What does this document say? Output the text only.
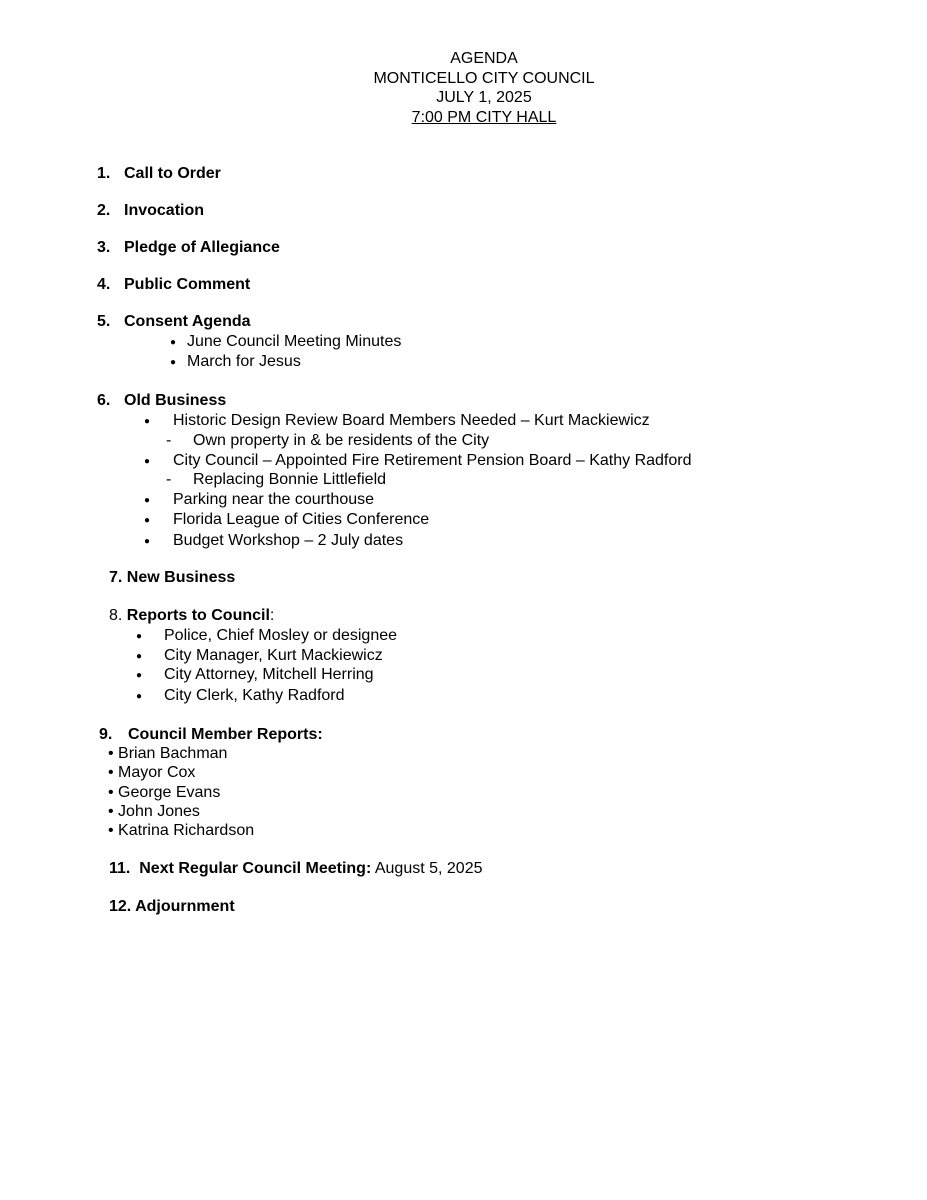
AGENDA
MONTICELLO CITY COUNCIL
JULY 1, 2025
7:00 PM CITY HALL
1. Call to Order
2. Invocation
3. Pledge of Allegiance
4. Public Comment
5. Consent Agenda
● June Council Meeting Minutes
● March for Jesus
6. Old Business
● Historic Design Review Board Members Needed – Kurt Mackiewicz
- Own property in & be residents of the City
● City Council – Appointed Fire Retirement Pension Board – Kathy Radford
- Replacing Bonnie Littlefield
● Parking near the courthouse
● Florida League of Cities Conference
● Budget Workshop – 2 July dates
7. New Business
8. Reports to Council:
● Police, Chief Mosley or designee
● City Manager, Kurt Mackiewicz
● City Attorney, Mitchell Herring
● City Clerk, Kathy Radford
9. Council Member Reports:
• Brian Bachman
• Mayor Cox
• George Evans
• John Jones
• Katrina Richardson
11. Next Regular Council Meeting: August 5, 2025
12. Adjournment
